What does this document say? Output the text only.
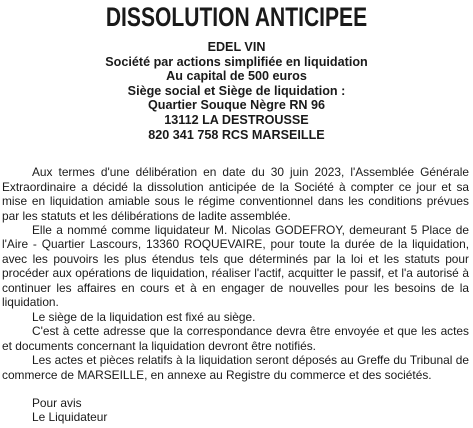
DISSOLUTION ANTICIPEE
EDEL VIN
Société par actions simplifiée en liquidation
Au capital de 500 euros
Siège social et Siège de liquidation :
Quartier Souque Nègre RN 96
13112 LA DESTROUSSE
820 341 758 RCS MARSEILLE

Aux termes d'une délibération en date du 30 juin 2023, l'Assemblée Générale Extraordinaire a décidé la dissolution anticipée de la Société à compter ce jour et sa mise en liquidation amiable sous le régime conventionnel dans les conditions prévues par les statuts et les délibérations de ladite assemblée.

Elle a nommé comme liquidateur M. Nicolas GODEFROY, demeurant 5 Place de l'Aire - Quartier Lascours, 13360 ROQUEVAIRE, pour toute la durée de la liquidation, avec les pouvoirs les plus étendus tels que déterminés par la loi et les statuts pour procéder aux opérations de liquidation, réaliser l'actif, acquitter le passif, et l'a autorisé à continuer les affaires en cours et à en engager de nouvelles pour les besoins de la liquidation.

Le siège de la liquidation est fixé au siège.

C'est à cette adresse que la correspondance devra être envoyée et que les actes et documents concernant la liquidation devront être notifiés.

Les actes et pièces relatifs à la liquidation seront déposés au Greffe du Tribunal de commerce de MARSEILLE, en annexe au Registre du commerce et des sociétés.

Pour avis
Le Liquidateur
